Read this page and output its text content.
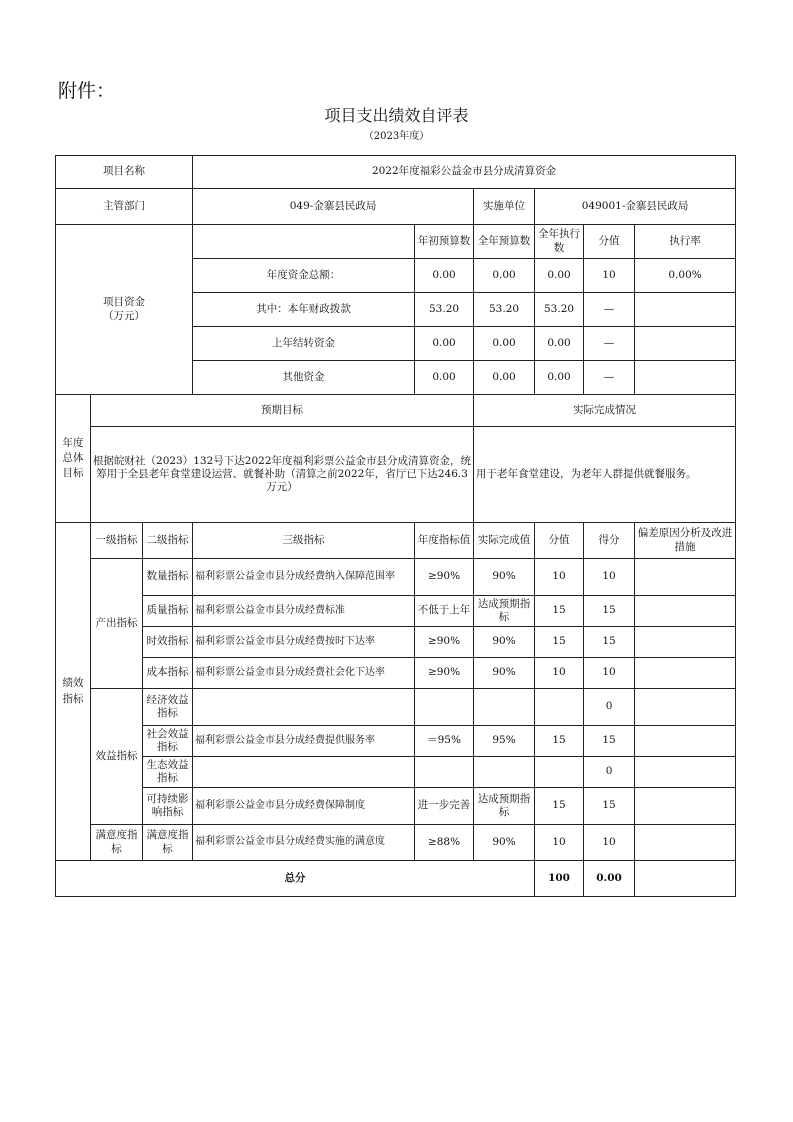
附件：
项目支出绩效自评表
（2023年度）
项目名称			2022年度福彩公益金市县分成清算资金						
主管部门			049-金寨县民政局		实施单位	049001-金寨县民政局			

项目资金
（万元）				年初预算数	全年预算数	全年执行数	分值	执行率	
			年度资金总额：	0.00	0.00	0.00	10	0.00%	
			其中：本年财政拨款	53.20	53.20	53.20	—		
			上年结转资金	0.00	0.00	0.00	—		
			其他资金	0.00	0.00	0.00	—		
年度总体目标	预期目标				实际完成情况				
	根据皖财社（2023）132号下达2022年度福利彩票公益金市县分成清算资金，统筹用于全县老年食堂建设运营、就餐补助（清算之前2022年，省厅已下达246.3万元）				用于老年食堂建设，为老年人群提供就餐服务。				
绩效指标	一级指标	二级指标	三级指标	年度指标值	实际完成值	分值	得分	偏差原因分析及改进措施	
	产出指标	数量指标	福利彩票公益金市县分成经费纳入保障范围率	≥90%	90%	10	10		
		质量指标	福利彩票公益金市县分成经费标准	不低于上年	达成预期指标	15	15		
		时效指标	福利彩票公益金市县分成经费按时下达率	≥90%	90%	15	15		
		成本指标	福利彩票公益金市县分成经费社会化下达率	≥90%	90%	10	10		
	效益指标	经济效益指标					0		
		社会效益指标	福利彩票公益金市县分成经费提供服务率	＝95%	95%	15	15		
		生态效益指标					0		
		可持续影响指标	福利彩票公益金市县分成经费保障制度	进一步完善	达成预期指标	15	15		
	满意度指标	满意度指标	福利彩票公益金市县分成经费实施的满意度	≥88%	90%	10	10		
总分						100	0.00		
